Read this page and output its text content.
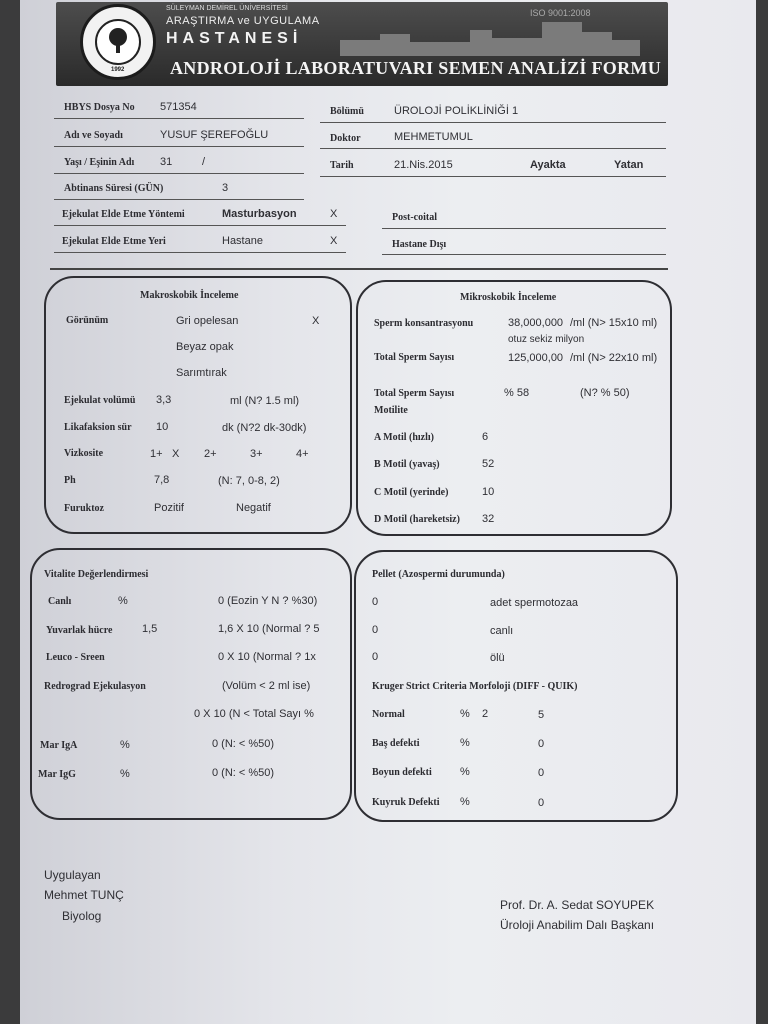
1992
SÜLEYMAN DEMİREL ÜNİVERSİTESİ
ARAŞTIRMA ve UYGULAMA
HASTANESİ
ISO 9001:2008
ANDROLOJİ LABORATUVARI SEMEN ANALİZİ FORMU
HBYS Dosya No 571354
Adı ve Soyadı	YUSUF ŞEREFOĞLU
Yaşı / Eşinin Adı 31	/
Abtinans Süresi (GÜN)	3
Ejekulat Elde Etme Yöntemi	Masturbasyon	X
Ejekulat Elde Etme Yeri	Hastane	X
Bölümü	ÜROLOJİ POLİKLİNİĞİ 1
Doktor	MEHMETUMUL
Tarih	21.Nis.2015	Ayakta	Yatan
Post-coital
Hastane Dışı
Makroskobik İnceleme
Görünüm	Gri opelesan	X
Beyaz opak
Sarımtırak
Ejekulat volümü 3,3	ml (N? 1.5 ml)
Likafaksion sür 10	dk (N?2 dk-30dk)
Vizkosite	1+ X 2+	3+	4+
Ph	7,8	(N: 7, 0-8, 2)
Furuktoz	Pozitif	Negatif
Mikroskobik İnceleme
Sperm konsantrasyonu	38,000,000 /ml (N> 15x10 ml)
otuz sekiz milyon
Total Sperm Sayısı	125,000,00 /ml (N> 22x10 ml)
Total Sperm Sayısı
Motilite
% 58	(N? % 50)
A Motil (hızlı)	6
B Motil (yavaş)	52
C Motil (yerinde)	10
D Motil (hareketsiz) 32
Vitalite Değerlendirmesi
Canlı	%	0 (Eozin Y N ? %30)
Yuvarlak hücre	1,5	1,6 X 10 (Normal ? 5
Leuco - Sreen	0 X 10 (Normal ? 1x
Redrograd Ejekulasyon	(Volüm < 2 ml ise)
0 X 10 (N < Total Sayı %
Mar IgA	%	0 (N: < %50)
Mar IgG	%	0 (N: < %50)
Pellet (Azospermi durumunda)
0	adet spermotozaa
0	canlı
0	ölü
Kruger Strict Criteria Morfoloji (DIFF - QUIK)
Normal	% 2	5
Baş defekti	%	0
Boyun defekti	%	0
Kuyruk Defekti %	0
Uygulayan
Mehmet TUNÇ
Biyolog
Prof. Dr. A. Sedat SOYUPEK
Üroloji Anabilim Dalı Başkanı
